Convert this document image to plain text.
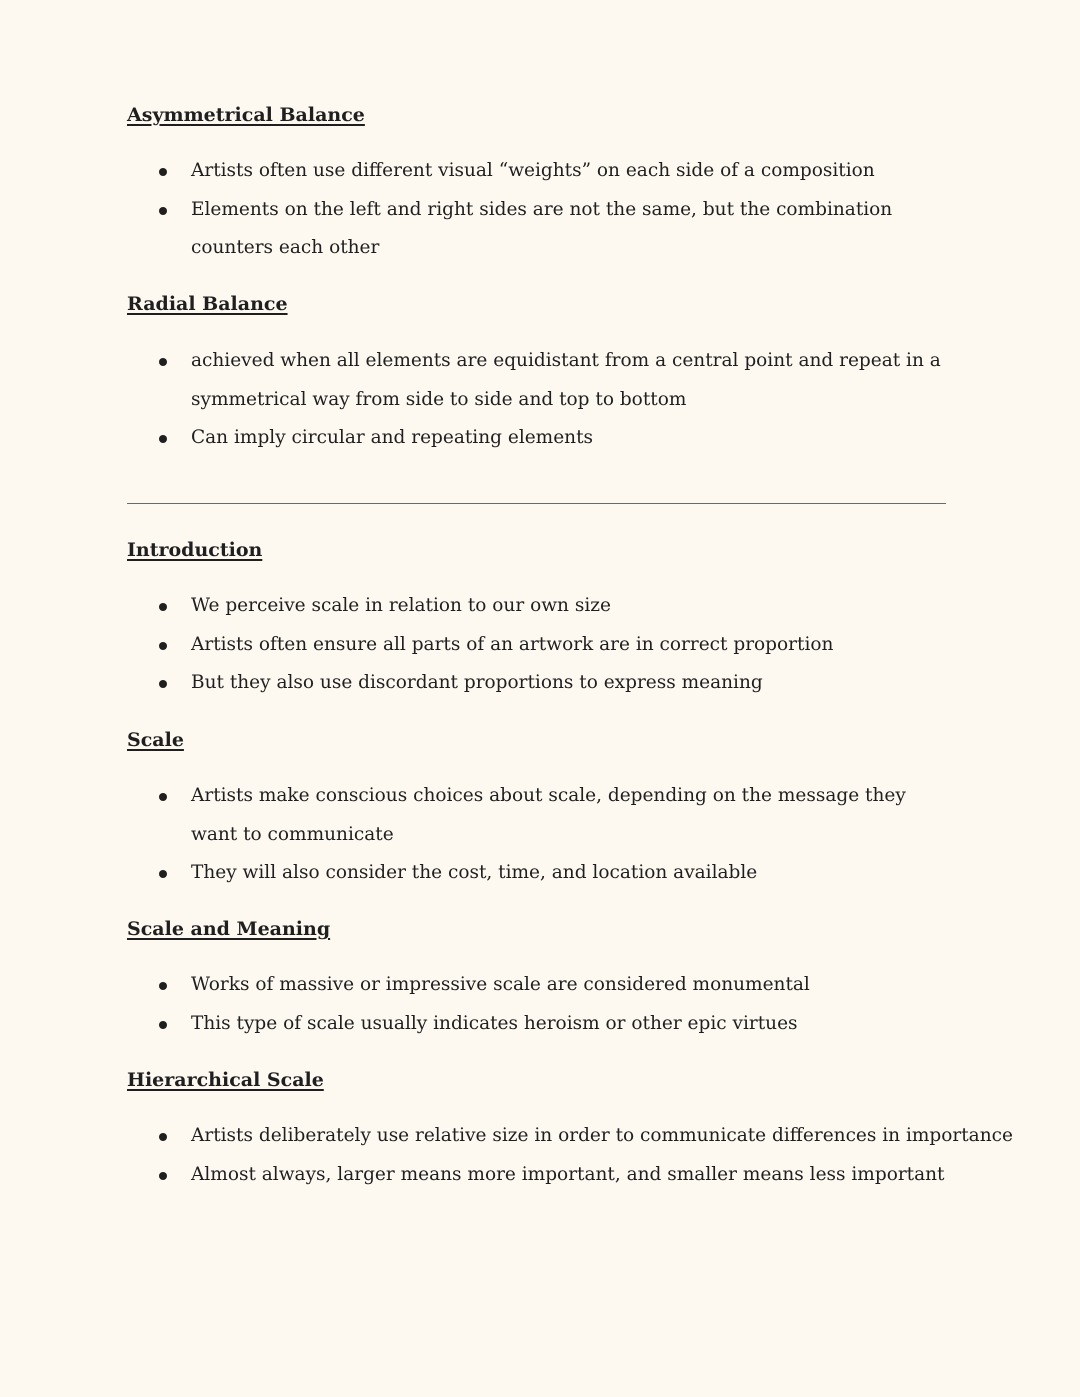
Asymmetrical Balance
Artists often use different visual “weights” on each side of a composition
Elements on the left and right sides are not the same, but the combination counters each other
Radial Balance
achieved when all elements are equidistant from a central point and repeat in a symmetrical way from side to side and top to bottom
Can imply circular and repeating elements
Introduction
We perceive scale in relation to our own size
Artists often ensure all parts of an artwork are in correct proportion
But they also use discordant proportions to express meaning
Scale
Artists make conscious choices about scale, depending on the message they want to communicate
They will also consider the cost, time, and location available
Scale and Meaning
Works of massive or impressive scale are considered monumental
This type of scale usually indicates heroism or other epic virtues
Hierarchical Scale
Artists deliberately use relative size in order to communicate differences in importance
Almost always, larger means more important, and smaller means less important
